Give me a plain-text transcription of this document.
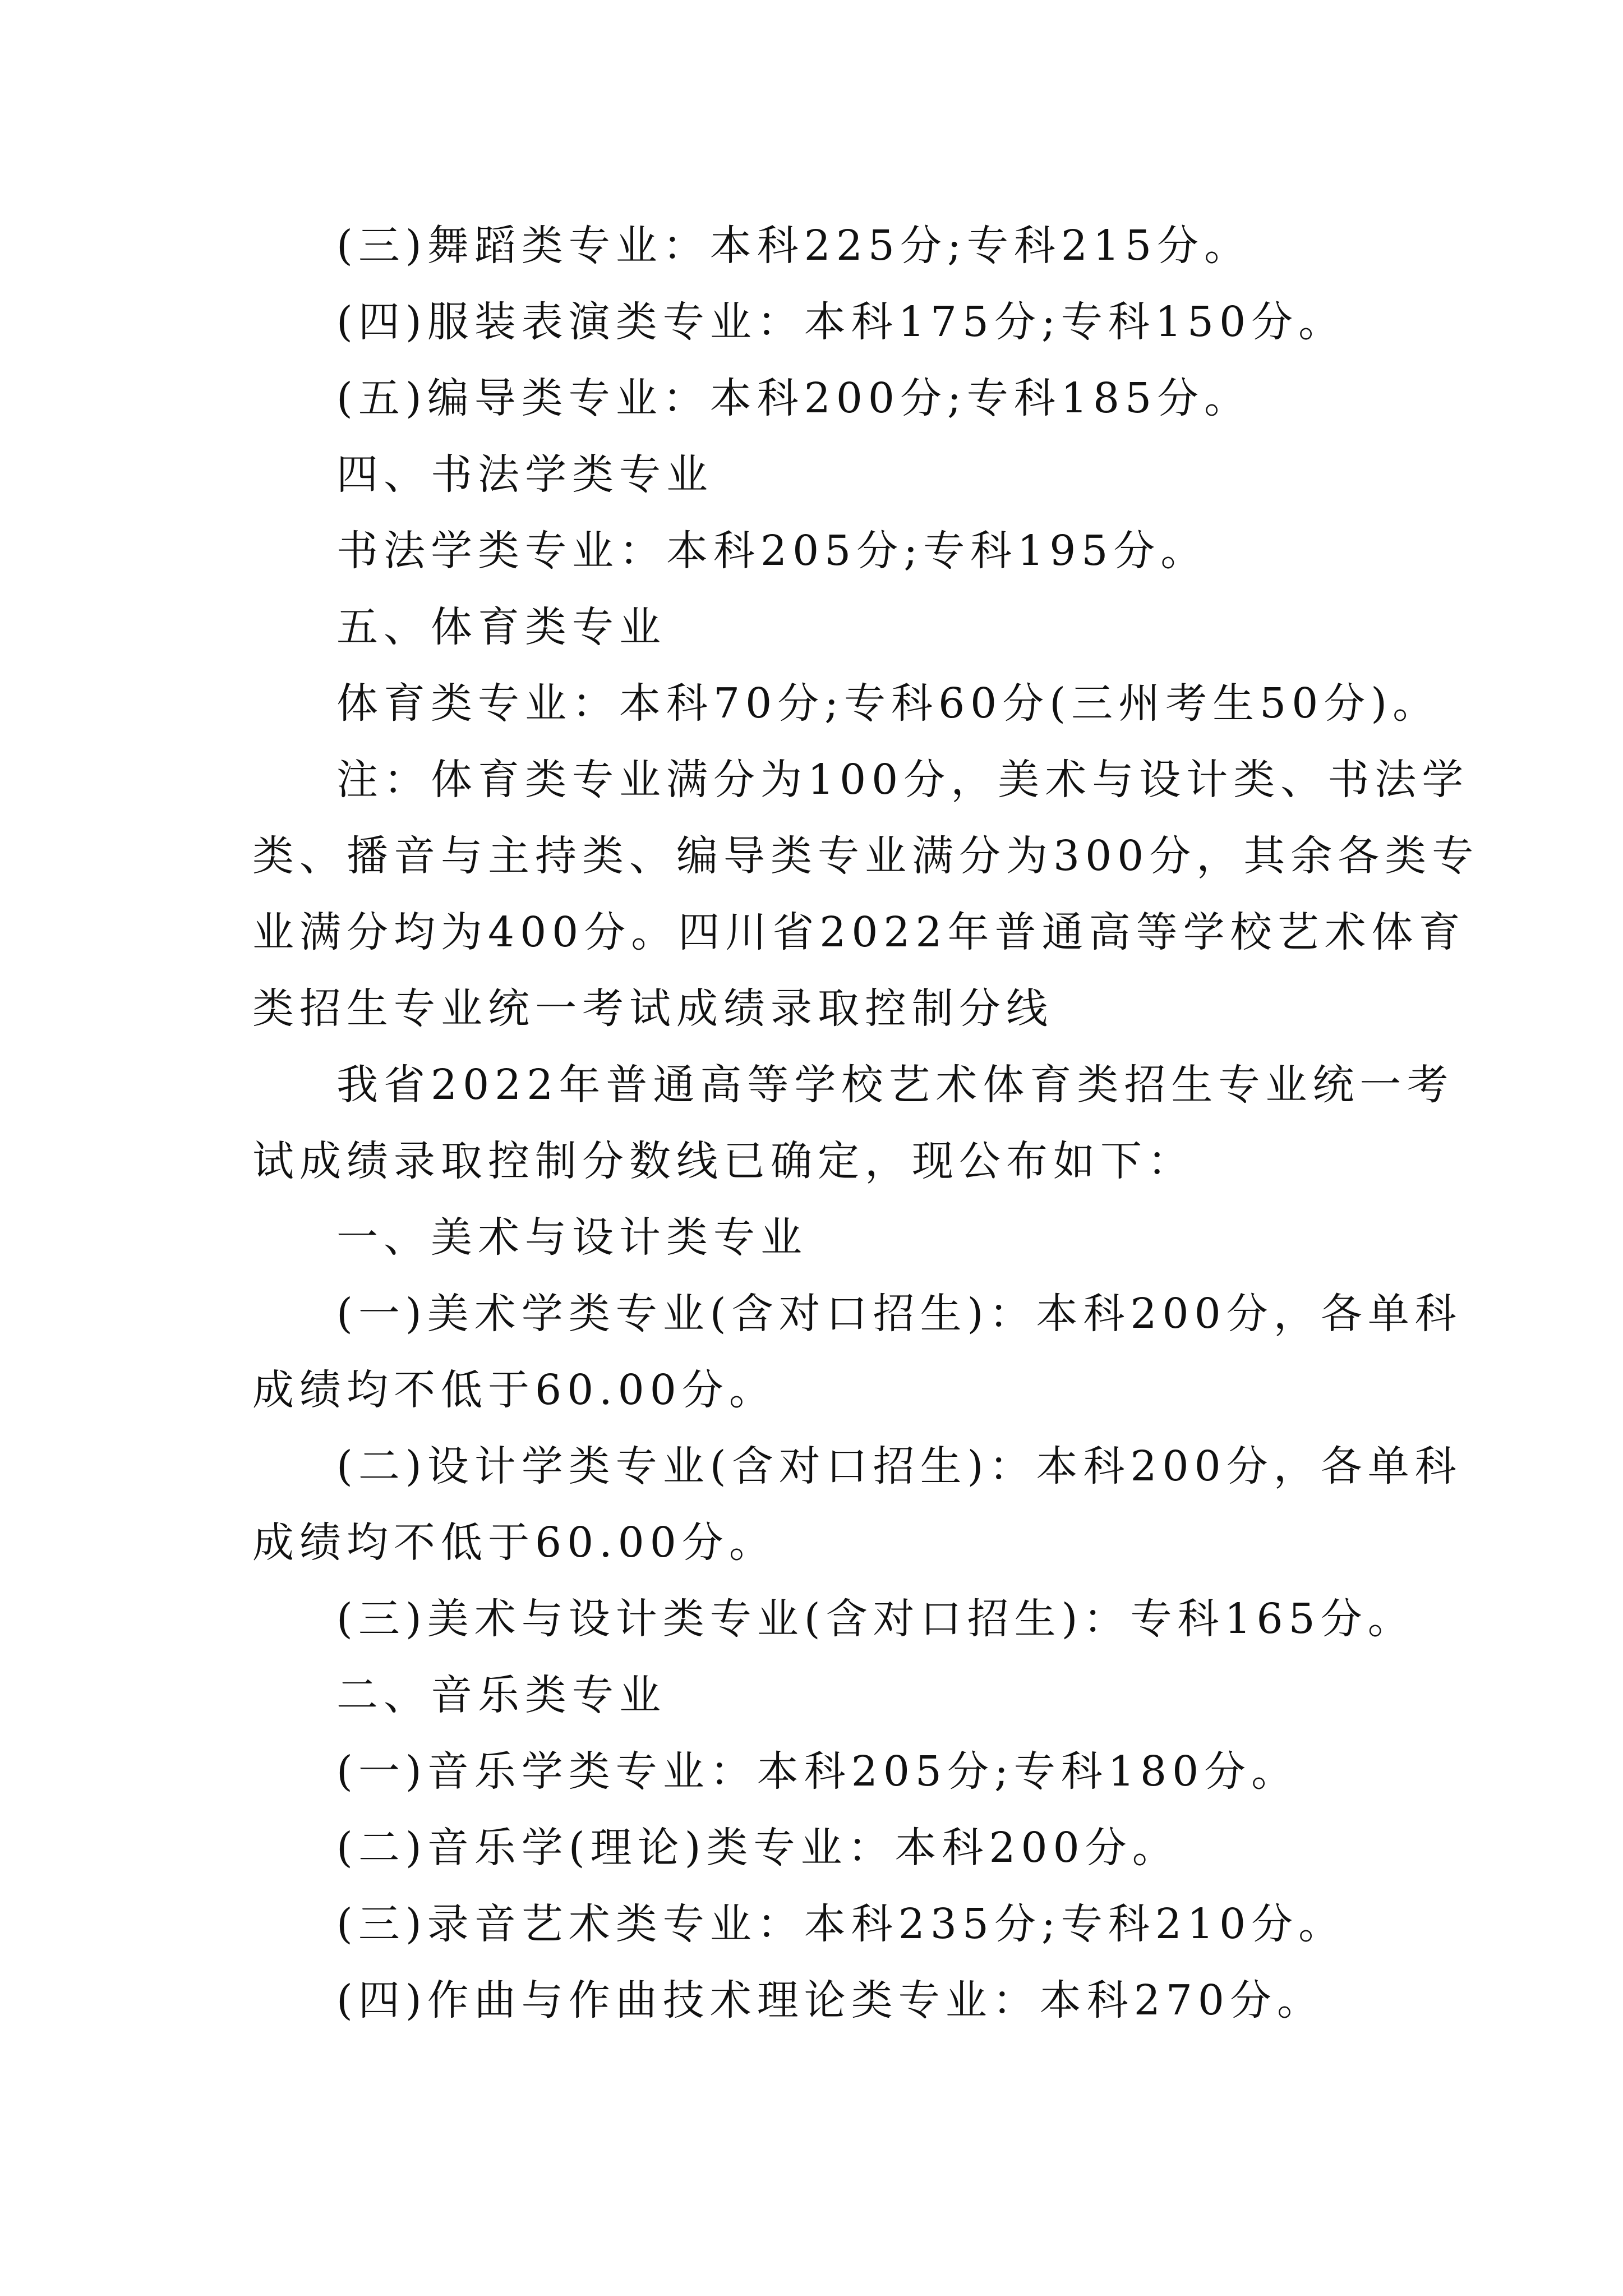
(三)舞蹈类专业：本科225分;专科215分。
(四)服装表演类专业：本科175分;专科150分。
(五)编导类专业：本科200分;专科185分。
四、书法学类专业
书法学类专业：本科205分;专科195分。
五、体育类专业
体育类专业：本科70分;专科60分(三州考生50分)。
注：体育类专业满分为100分，美术与设计类、书法学
类、播音与主持类、编导类专业满分为300分，其余各类专
业满分均为400分。四川省2022年普通高等学校艺术体育
类招生专业统一考试成绩录取控制分线
我省2022年普通高等学校艺术体育类招生专业统一考
试成绩录取控制分数线已确定，现公布如下：
一、美术与设计类专业
(一)美术学类专业(含对口招生)：本科200分，各单科
成绩均不低于60.00分。
(二)设计学类专业(含对口招生)：本科200分，各单科
成绩均不低于60.00分。
(三)美术与设计类专业(含对口招生)：专科165分。
二、音乐类专业
(一)音乐学类专业：本科205分;专科180分。
(二)音乐学(理论)类专业：本科200分。
(三)录音艺术类专业：本科235分;专科210分。
(四)作曲与作曲技术理论类专业：本科270分。
